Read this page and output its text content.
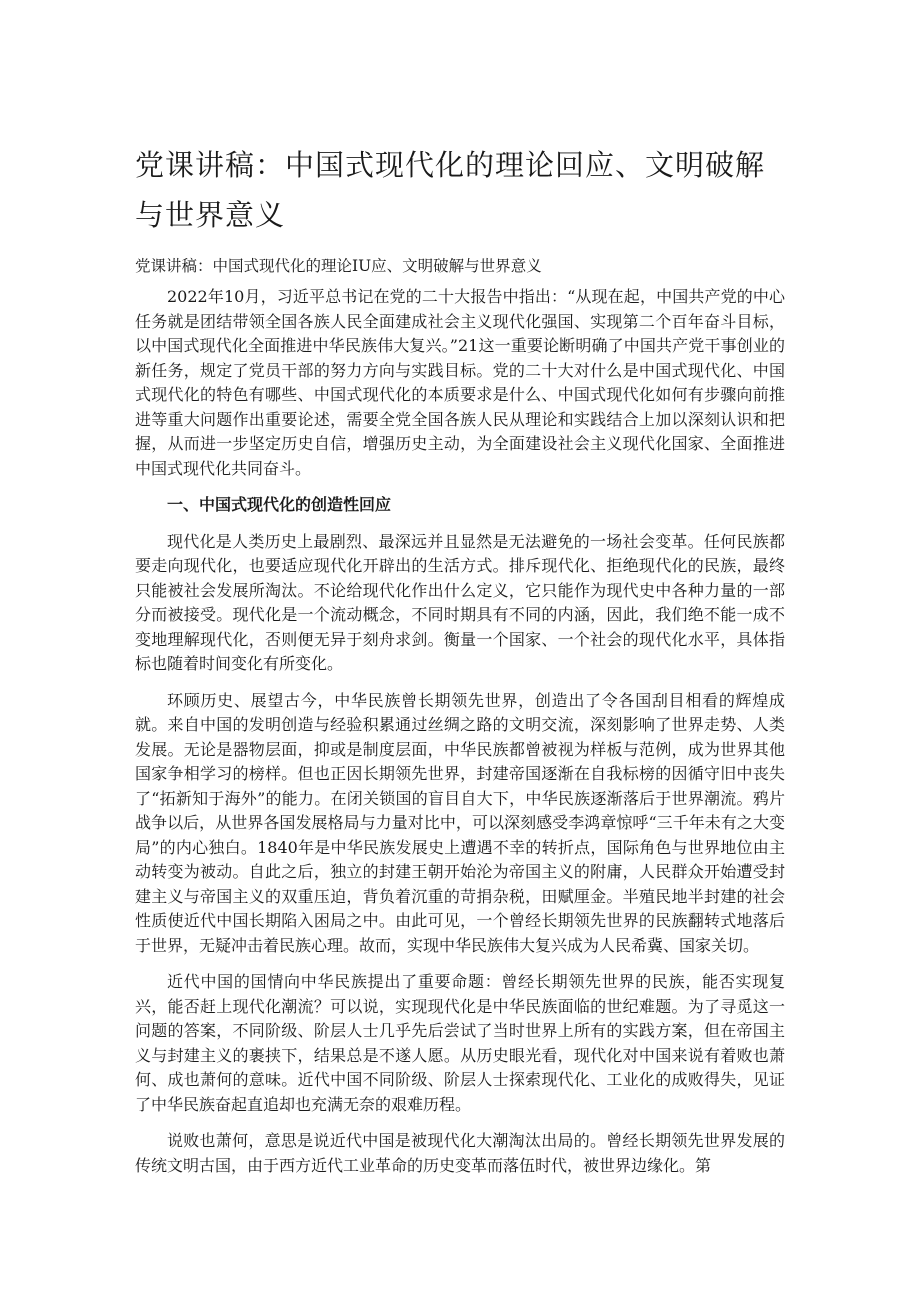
党课讲稿：中国式现代化的理论回应、文明破解与世界意义

党课讲稿：中国式现代化的理论IU应、文明破解与世界意义

2022年10月，习近平总书记在党的二十大报告中指出：“从现在起，中国共产党的中心任务就是团结带领全国各族人民全面建成社会主义现代化强国、实现第二个百年奋斗目标，以中国式现代化全面推进中华民族伟大复兴。”21这一重要论断明确了中国共产党干事创业的新任务，规定了党员干部的努力方向与实践目标。党的二十大对什么是中国式现代化、中国式现代化的特色有哪些、中国式现代化的本质要求是什么、中国式现代化如何有步骤向前推进等重大问题作出重要论述，需要全党全国各族人民从理论和实践结合上加以深刻认识和把握，从而进一步坚定历史自信，增强历史主动，为全面建设社会主义现代化国家、全面推进中国式现代化共同奋斗。

一、中国式现代化的创造性回应

现代化是人类历史上最剧烈、最深远并且显然是无法避免的一场社会变革。任何民族都要走向现代化，也要适应现代化开辟出的生活方式。排斥现代化、拒绝现代化的民族，最终只能被社会发展所淘汰。不论给现代化作出什么定义，它只能作为现代史中各种力量的一部分而被接受。现代化是一个流动概念，不同时期具有不同的内涵，因此，我们绝不能一成不变地理解现代化，否则便无异于刻舟求剑。衡量一个国家、一个社会的现代化水平，具体指标也随着时间变化有所变化。

环顾历史、展望古今，中华民族曾长期领先世界，创造出了令各国刮目相看的辉煌成就。来自中国的发明创造与经验积累通过丝绸之路的文明交流，深刻影响了世界走势、人类发展。无论是器物层面，抑或是制度层面，中华民族都曾被视为样板与范例，成为世界其他国家争相学习的榜样。但也正因长期领先世界，封建帝国逐渐在自我标榜的因循守旧中丧失了“拓新知于海外”的能力。在闭关锁国的盲目自大下，中华民族逐渐落后于世界潮流。鸦片战争以后，从世界各国发展格局与力量对比中，可以深刻感受李鸿章惊呼“三千年未有之大变局”的内心独白。1840年是中华民族发展史上遭遇不幸的转折点，国际角色与世界地位由主动转变为被动。自此之后，独立的封建王朝开始沦为帝国主义的附庸，人民群众开始遭受封建主义与帝国主义的双重压迫，背负着沉重的苛捐杂税，田赋厘金。半殖民地半封建的社会性质使近代中国长期陷入困局之中。由此可见，一个曾经长期领先世界的民族翻转式地落后于世界，无疑冲击着民族心理。故而，实现中华民族伟大复兴成为人民希冀、国家关切。

近代中国的国情向中华民族提出了重要命题：曾经长期领先世界的民族，能否实现复兴，能否赶上现代化潮流？可以说，实现现代化是中华民族面临的世纪难题。为了寻觅这一问题的答案，不同阶级、阶层人士几乎先后尝试了当时世界上所有的实践方案，但在帝国主义与封建主义的裹挟下，结果总是不遂人愿。从历史眼光看，现代化对中国来说有着败也萧何、成也萧何的意味。近代中国不同阶级、阶层人士探索现代化、工业化的成败得失，见证了中华民族奋起直追却也充满无奈的艰难历程。

说败也萧何，意思是说近代中国是被现代化大潮淘汰出局的。曾经长期领先世界发展的传统文明古国，由于西方近代工业革命的历史变革而落伍时代，被世界边缘化。第
